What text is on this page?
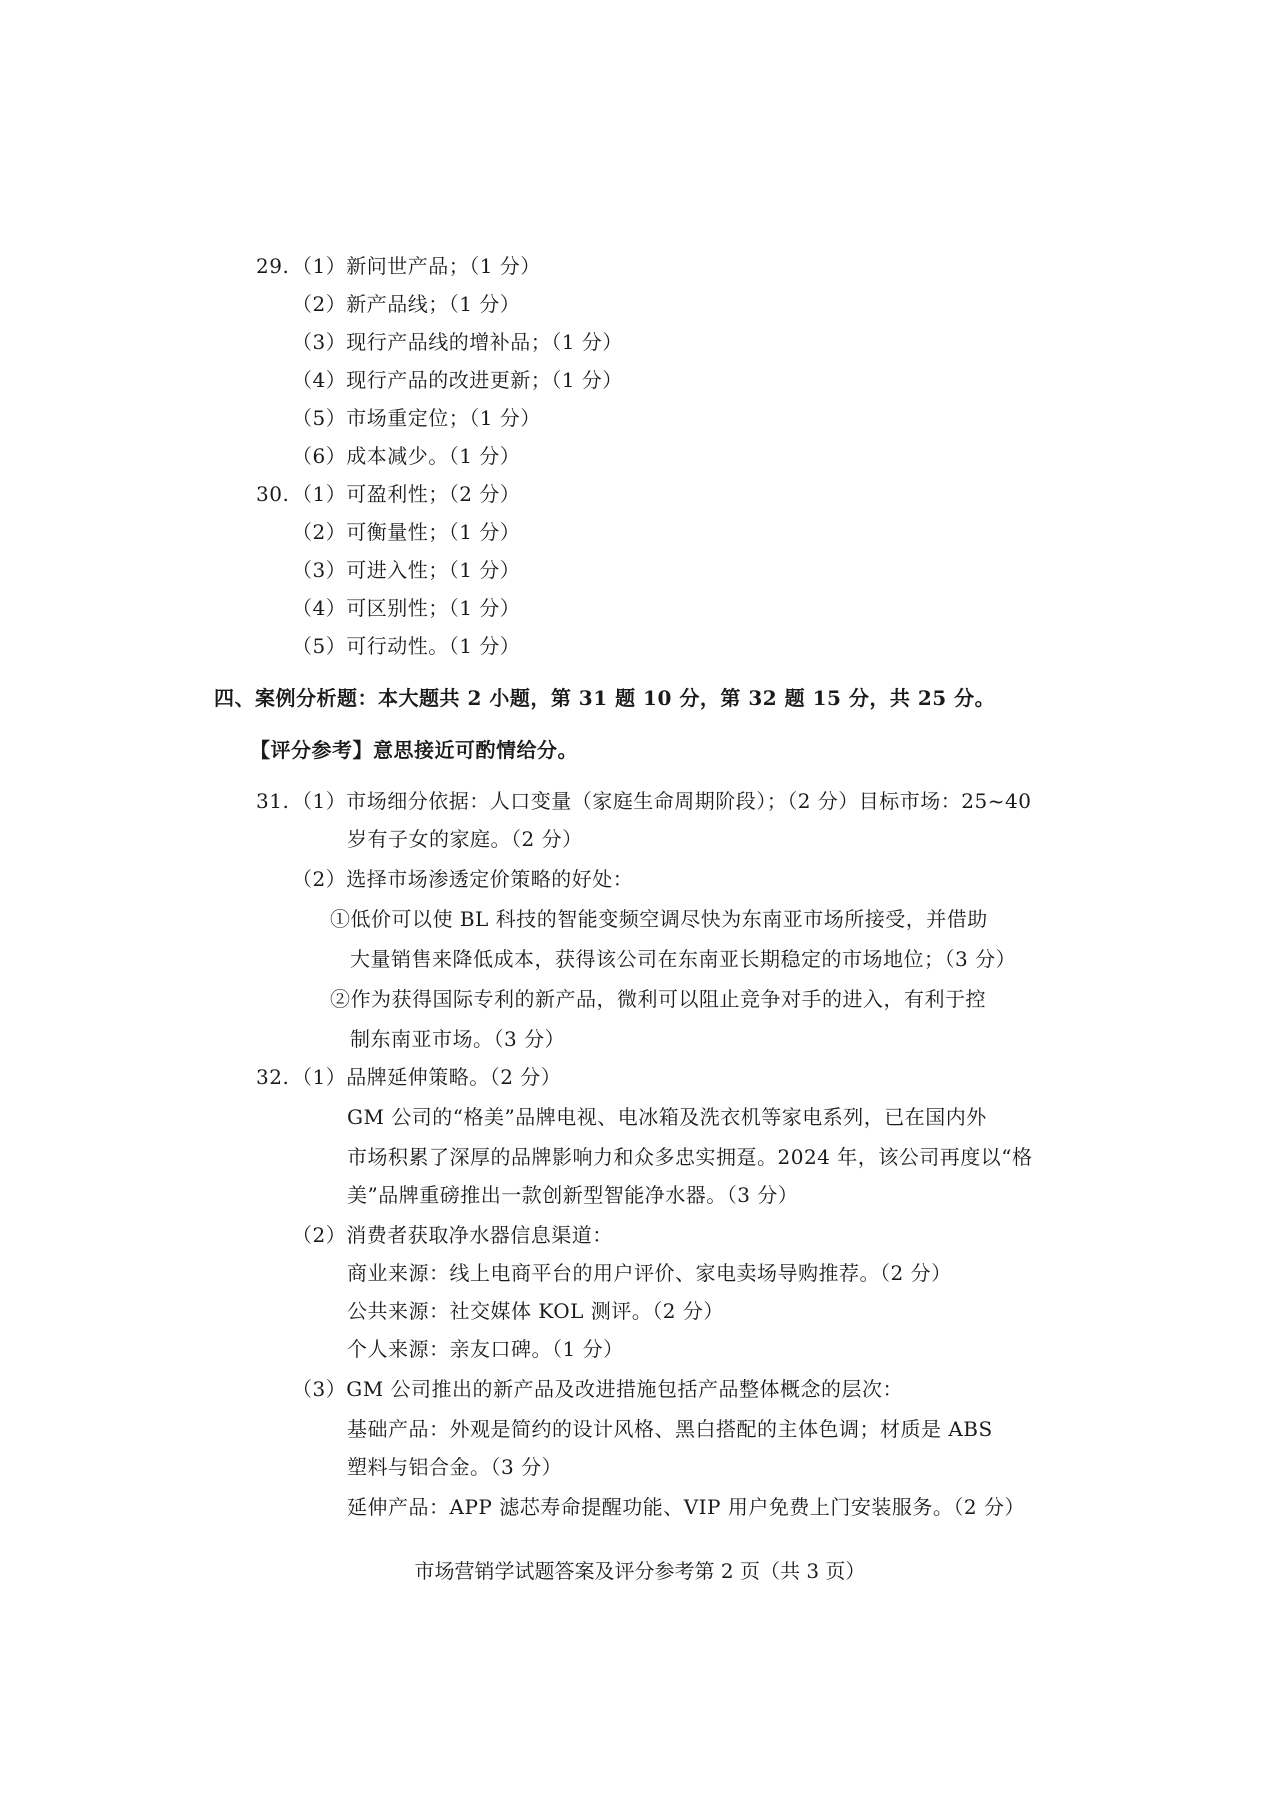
29. （1）新问世产品；（1 分）
（2）新产品线；（1 分）
（3）现行产品线的增补品；（1 分）
（4）现行产品的改进更新；（1 分）
（5）市场重定位；（1 分）
（6）成本减少。（1 分）
30. （1）可盈利性；（2 分）
（2）可衡量性；（1 分）
（3）可进入性；（1 分）
（4）可区别性；（1 分）
（5）可行动性。（1 分）
四、案例分析题：本大题共 2 小题，第 31 题 10 分，第 32 题 15 分，共 25 分。
【评分参考】意思接近可酌情给分。
31. （1）市场细分依据：人口变量（家庭生命周期阶段）；（2 分）目标市场：25~40
岁有子女的家庭。（2 分）
（2）选择市场渗透定价策略的好处：
①低价可以使 BL 科技的智能变频空调尽快为东南亚市场所接受，并借助
大量销售来降低成本，获得该公司在东南亚长期稳定的市场地位；（3 分）
②作为获得国际专利的新产品，微利可以阻止竞争对手的进入，有利于控
制东南亚市场。（3 分）
32. （1）品牌延伸策略。（2 分）
GM 公司的“格美”品牌电视、电冰箱及洗衣机等家电系列，已在国内外
市场积累了深厚的品牌影响力和众多忠实拥趸。2024 年，该公司再度以“格
美”品牌重磅推出一款创新型智能净水器。（3 分）
（2）消费者获取净水器信息渠道：
商业来源：线上电商平台的用户评价、家电卖场导购推荐。（2 分）
公共来源：社交媒体 KOL 测评。（2 分）
个人来源：亲友口碑。（1 分）
（3）GM 公司推出的新产品及改进措施包括产品整体概念的层次：
基础产品：外观是简约的设计风格、黑白搭配的主体色调；材质是 ABS
塑料与铝合金。（3 分）
延伸产品：APP 滤芯寿命提醒功能、VIP 用户免费上门安装服务。（2 分）
市场营销学试题答案及评分参考第 2 页（共 3 页）
